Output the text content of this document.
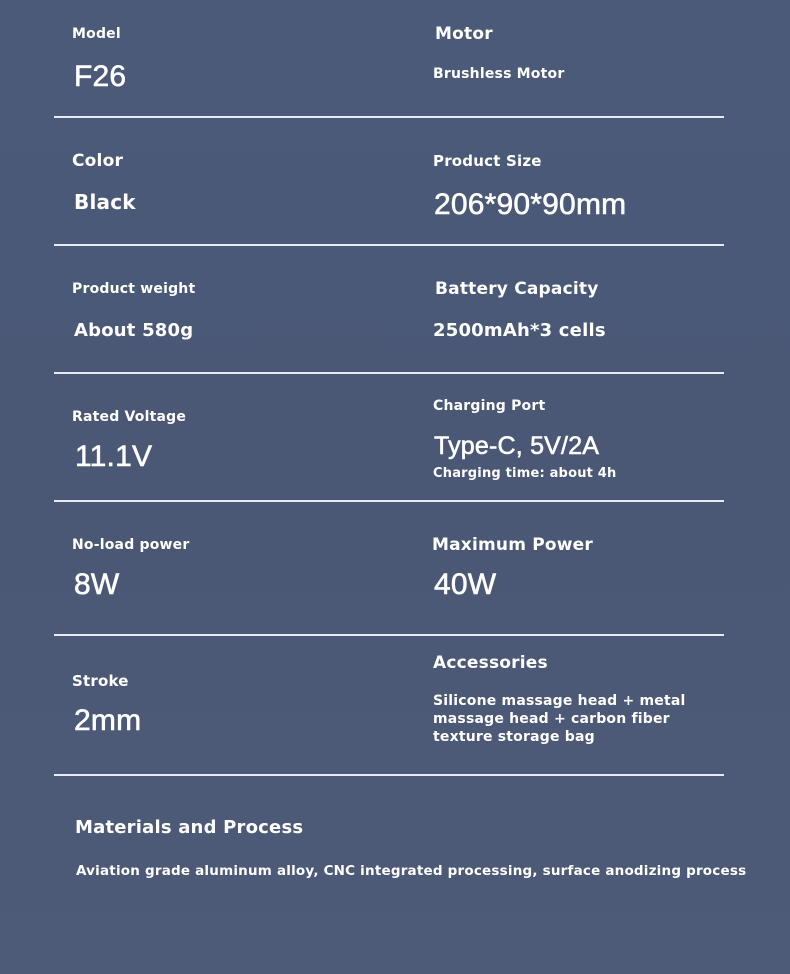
Model
F26
Motor
Brushless Motor
Color
Black
Product Size
206*90*90mm
Product weight
About 580g
Battery Capacity
2500mAh*3 cells
Rated Voltage
11.1V
Charging Port
Type-C, 5V/2A
Charging time: about 4h
No-load power
8W
Maximum Power
40W
Stroke
2mm
Accessories
Silicone massage head + metal massage head + carbon fiber texture storage bag
Materials and Process
Aviation grade aluminum alloy, CNC integrated processing, surface anodizing process
